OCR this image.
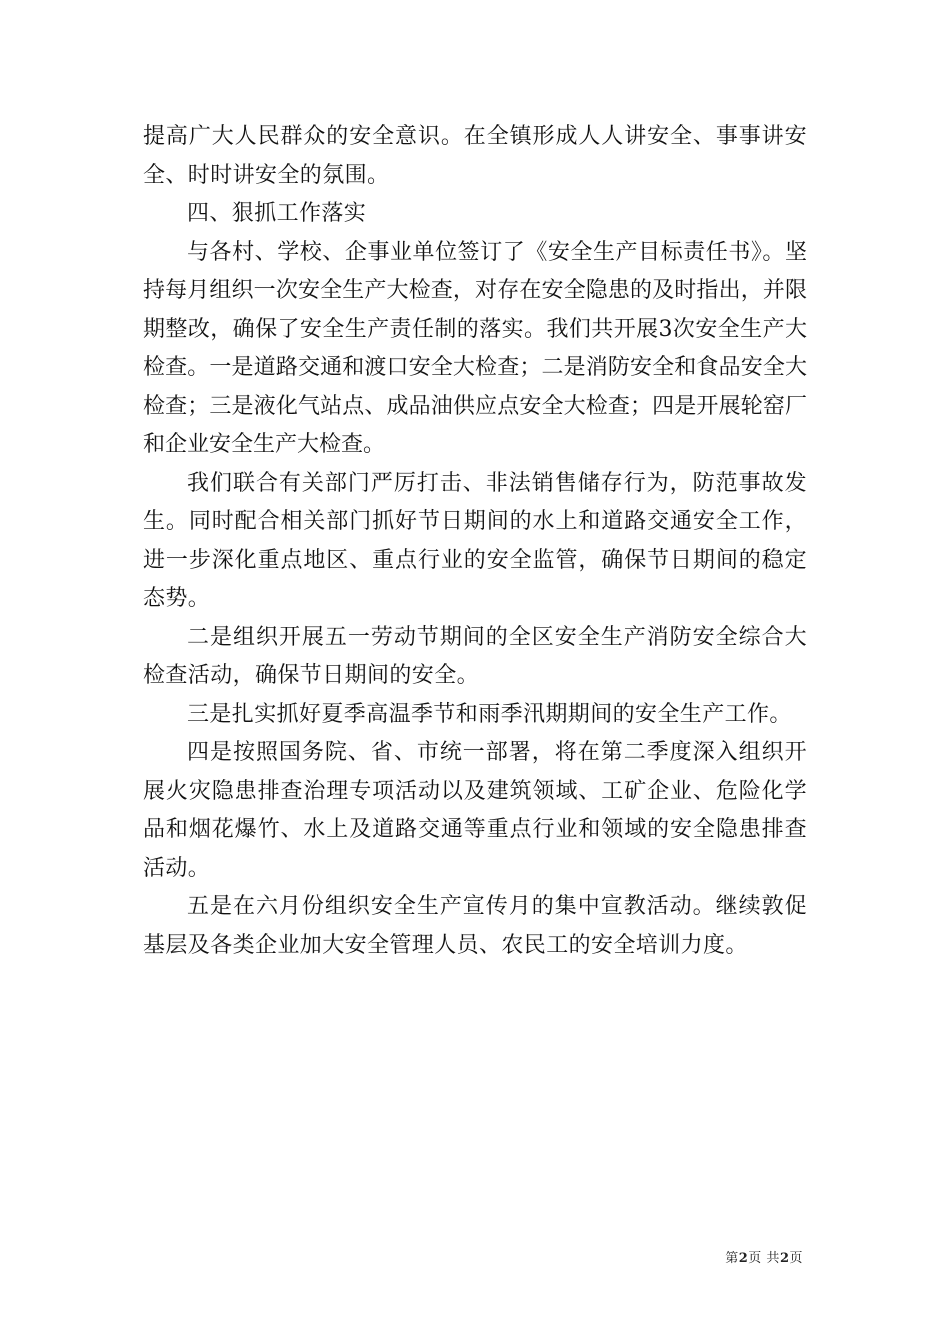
提高广大人民群众的安全意识。在全镇形成人人讲安全、事事讲安全、时时讲安全的氛围。

四、狠抓工作落实

与各村、学校、企事业单位签订了《安全生产目标责任书》。坚持每月组织一次安全生产大检查，对存在安全隐患的及时指出，并限期整改，确保了安全生产责任制的落实。我们共开展3次安全生产大检查。一是道路交通和渡口安全大检查；二是消防安全和食品安全大检查；三是液化气站点、成品油供应点安全大检查；四是开展轮窑厂和企业安全生产大检查。

我们联合有关部门严厉打击、非法销售储存行为，防范事故发生。同时配合相关部门抓好节日期间的水上和道路交通安全工作，进一步深化重点地区、重点行业的安全监管，确保节日期间的稳定态势。

二是组织开展五一劳动节期间的全区安全生产消防安全综合大检查活动，确保节日期间的安全。

三是扎实抓好夏季高温季节和雨季汛期期间的安全生产工作。

四是按照国务院、省、市统一部署，将在第二季度深入组织开展火灾隐患排查治理专项活动以及建筑领域、工矿企业、危险化学品和烟花爆竹、水上及道路交通等重点行业和领域的安全隐患排查活动。

五是在六月份组织安全生产宣传月的集中宣教活动。继续敦促基层及各类企业加大安全管理人员、农民工的安全培训力度。

第2页 共2页
